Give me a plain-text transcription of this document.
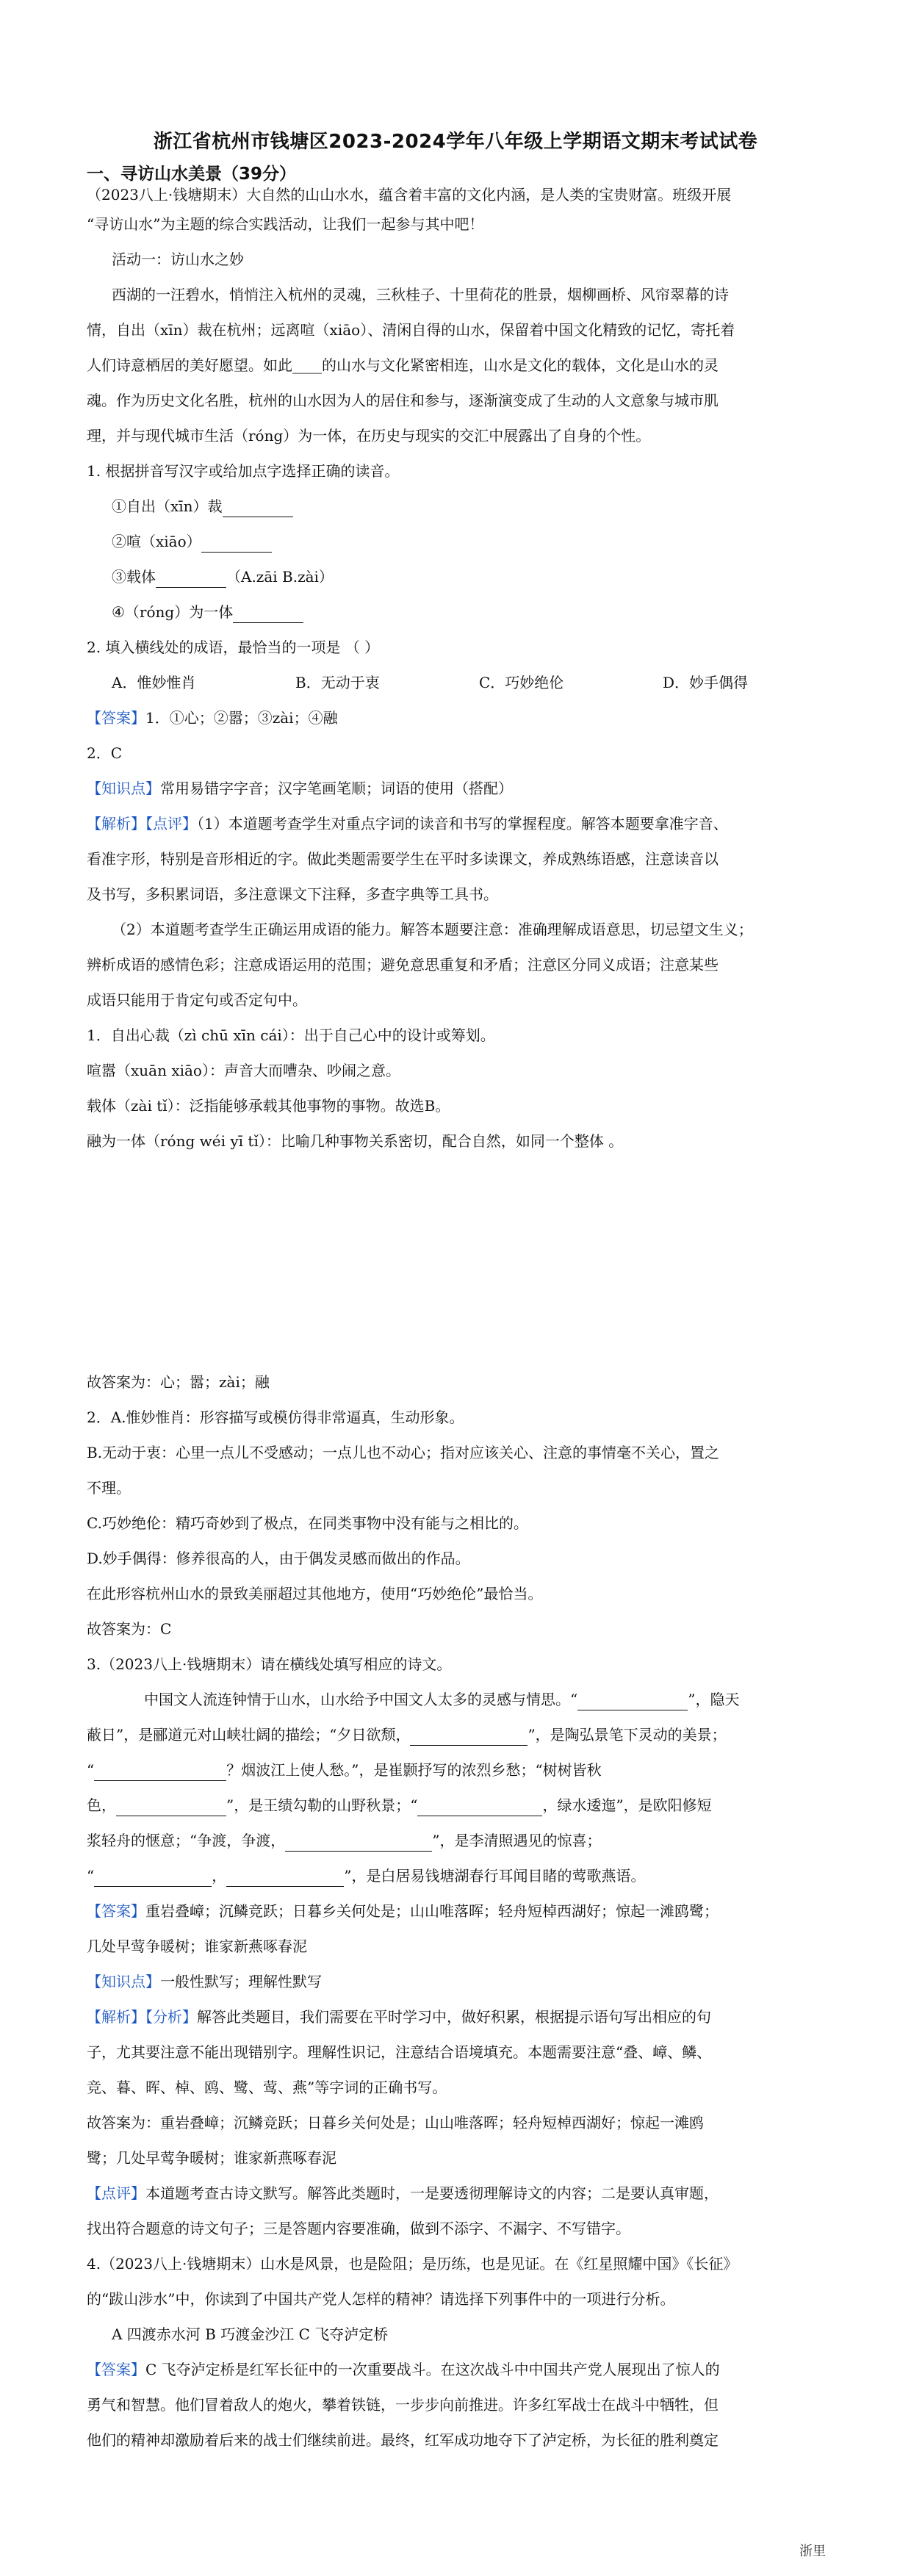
浙江省杭州市钱塘区2023-2024学年八年级上学期语文期末考试试卷
一、寻访山水美景（39分）
（2023八上·钱塘期末）大自然的山山水水，蕴含着丰富的文化内涵，是人类的宝贵财富。班级开展
“寻访山水”为主题的综合实践活动，让我们一起参与其中吧！
活动一：访山水之妙
西湖的一汪碧水，悄悄注入杭州的灵魂，三秋桂子、十里荷花的胜景，烟柳画桥、风帘翠幕的诗
情，自出（xīn）裁在杭州；远离喧（xiāo）、清闲自得的山水，保留着中国文化精致的记忆，寄托着
人们诗意栖居的美好愿望。如此____的山水与文化紧密相连，山水是文化的载体，文化是山水的灵
魂。作为历史文化名胜，杭州的山水因为人的居住和参与，逐渐演变成了生动的人文意象与城市肌
理，并与现代城市生活（róng）为一体，在历史与现实的交汇中展露出了自身的个性。
1. 根据拼音写汉字或给加点字选择正确的读音。
①自出（xīn）裁
②喧（xiāo）
③载体	（A.zāi B.zài）
④（róng）为一体
2. 填入横线处的成语，最恰当的一项是 （ ）
A．惟妙惟肖	B．无动于衷	C．巧妙绝伦	D．妙手偶得
【答案】1．①心；②嚣；③zài；④融
2．C
【知识点】常用易错字字音；汉字笔画笔顺；词语的使用（搭配）
【解析】【点评】（1）本道题考查学生对重点字词的读音和书写的掌握程度。解答本题要拿准字音、
看准字形，特别是音形相近的字。做此类题需要学生在平时多读课文，养成熟练语感，注意读音以
及书写，多积累词语，多注意课文下注释，多查字典等工具书。
（2）本道题考查学生正确运用成语的能力。解答本题要注意：准确理解成语意思，切忌望文生义；
辨析成语的感情色彩；注意成语运用的范围；避免意思重复和矛盾；注意区分同义成语；注意某些
成语只能用于肯定句或否定句中。
1．自出心裁（zì chū xīn cái）：出于自己心中的设计或筹划。
喧嚣（xuān xiāo）：声音大而嘈杂、吵闹之意。
载体（zài tǐ）：泛指能够承载其他事物的事物。故选B。
融为一体（róng wéi yī tǐ）：比喻几种事物关系密切，配合自然，如同一个整体 。
故答案为：心；嚣；zài；融
2．A.惟妙惟肖：形容描写或模仿得非常逼真，生动形象。
B.无动于衷：心里一点儿不受感动；一点儿也不动心；指对应该关心、注意的事情毫不关心，置之
不理。
C.巧妙绝伦：精巧奇妙到了极点，在同类事物中没有能与之相比的。
D.妙手偶得：修养很高的人，由于偶发灵感而做出的作品。
在此形容杭州山水的景致美丽超过其他地方，使用“巧妙绝伦”最恰当。
故答案为：C
3.（2023八上·钱塘期末）请在横线处填写相应的诗文。
中国文人流连钟情于山水，山水给予中国文人太多的灵感与情思。“	”，隐天
蔽日”，是郦道元对山峡壮阔的描绘；“夕日欲颓，	”，是陶弘景笔下灵动的美景；
“	？烟波江上使人愁。”，是崔颢抒写的浓烈乡愁；“树树皆秋
色，	”，是王绩勾勒的山野秋景；“	，绿水逶迤”，是欧阳修短
浆轻舟的惬意；“争渡，争渡，	”，是李清照遇见的惊喜；
“	，	”，是白居易钱塘湖春行耳闻目睹的莺歌燕语。
【答案】重岩叠嶂；沉鳞竞跃；日暮乡关何处是；山山唯落晖；轻舟短棹西湖好；惊起一滩鸥鹭；
几处早莺争暖树；谁家新燕啄春泥
【知识点】一般性默写；理解性默写
【解析】【分析】解答此类题目，我们需要在平时学习中，做好积累，根据提示语句写出相应的句
子，尤其要注意不能出现错别字。理解性识记，注意结合语境填充。本题需要注意“叠、嶂、鳞、
竞、暮、晖、棹、鸥、鹭、莺、燕”等字词的正确书写。
故答案为：重岩叠嶂；沉鳞竞跃；日暮乡关何处是；山山唯落晖；轻舟短棹西湖好；惊起一滩鸥
鹭；几处早莺争暖树；谁家新燕啄春泥
【点评】本道题考查古诗文默写。解答此类题时，一是要透彻理解诗文的内容；二是要认真审题，
找出符合题意的诗文句子；三是答题内容要准确，做到不添字、不漏字、不写错字。
4.（2023八上·钱塘期末）山水是风景，也是险阻；是历练，也是见证。在《红星照耀中国》《长征》
的“跋山涉水”中，你读到了中国共产党人怎样的精神？请选择下列事件中的一项进行分析。
A 四渡赤水河 B 巧渡金沙江 C 飞夺泸定桥
【答案】C 飞夺泸定桥是红军长征中的一次重要战斗。在这次战斗中中国共产党人展现出了惊人的
勇气和智慧。他们冒着敌人的炮火，攀着铁链，一步步向前推进。许多红军战士在战斗中牺牲，但
他们的精神却激励着后来的战士们继续前进。最终，红军成功地夺下了泸定桥，为长征的胜利奠定
浙里
